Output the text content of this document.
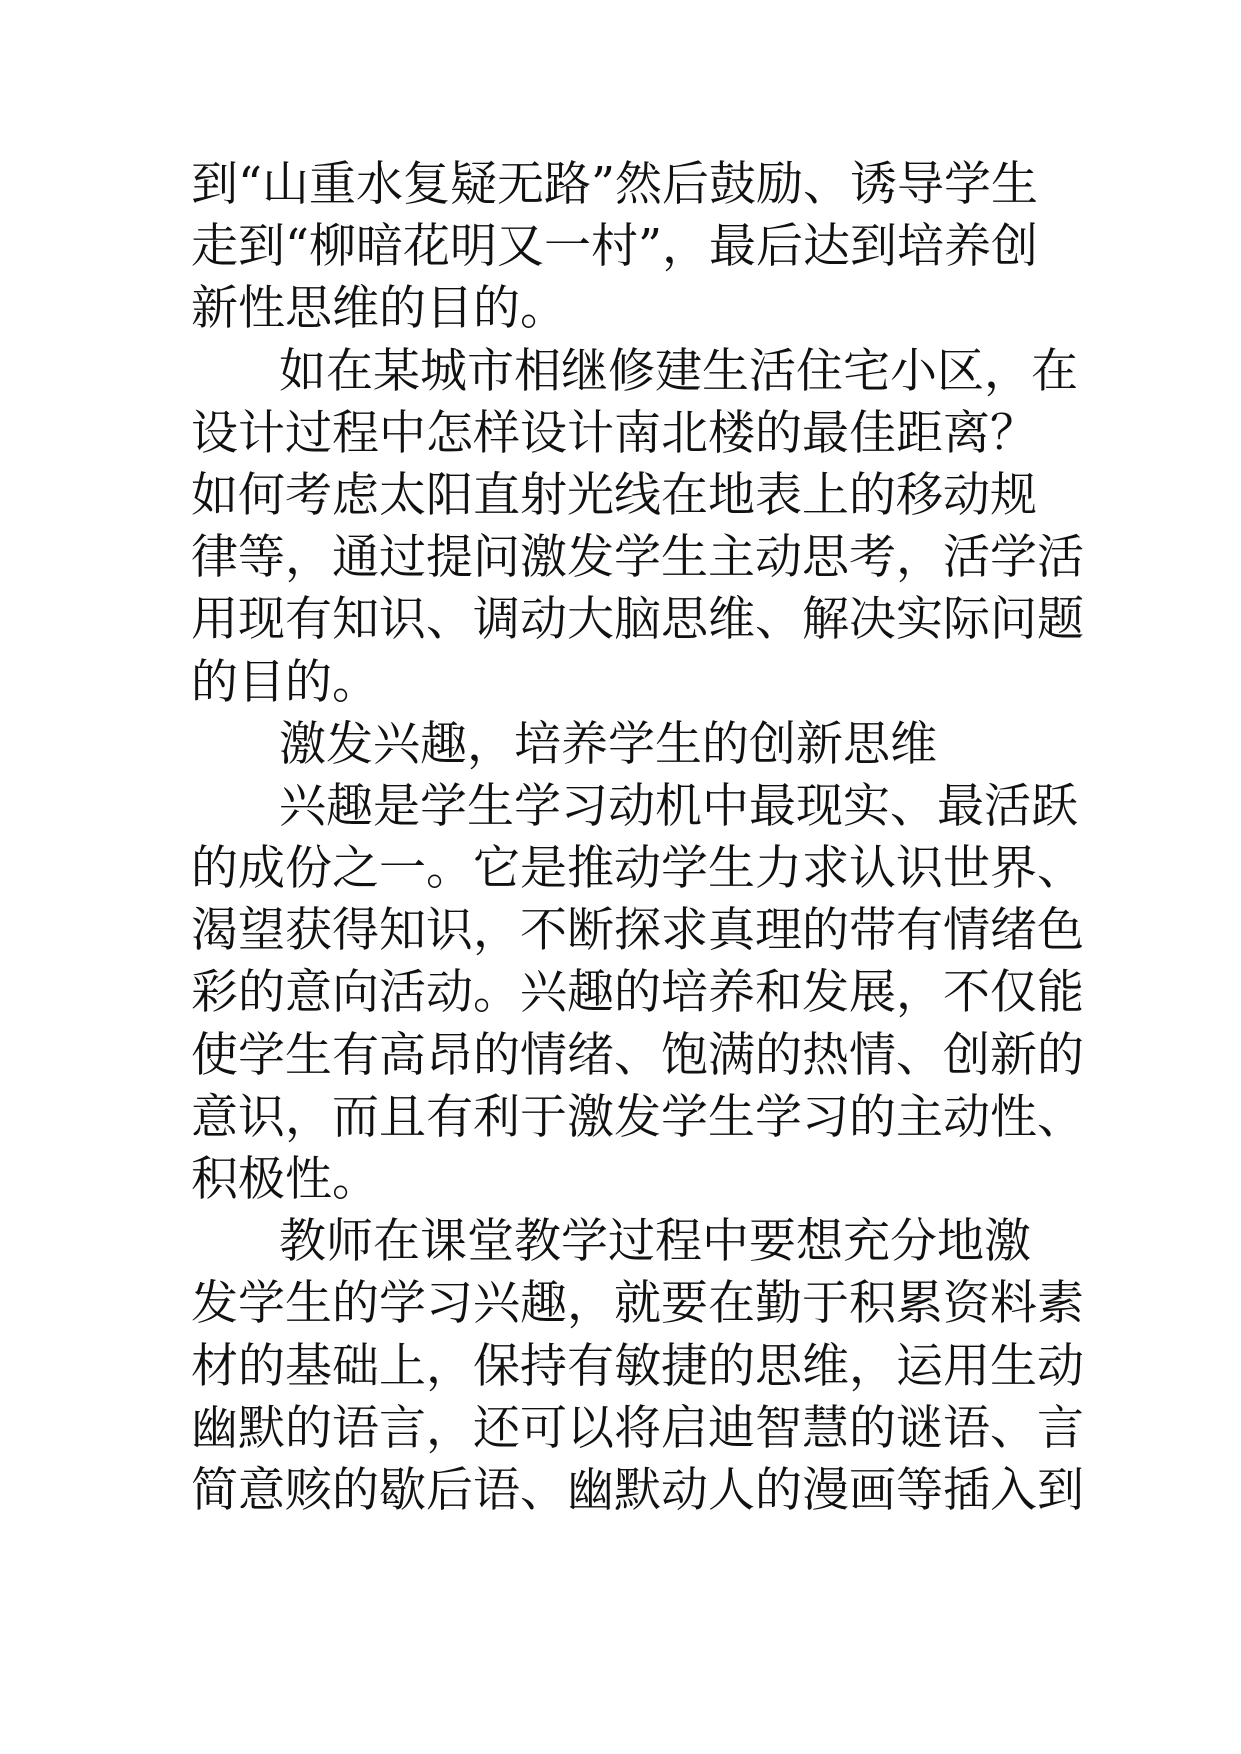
到“山重水复疑无路”然后鼓励、诱导学生
走到“柳暗花明又一村”，最后达到培养创
新性思维的目的。
如在某城市相继修建生活住宅小区，在
设计过程中怎样设计南北楼的最佳距离？
如何考虑太阳直射光线在地表上的移动规
律等，通过提问激发学生主动思考，活学活
用现有知识、调动大脑思维、解决实际问题
的目的。
激发兴趣，培养学生的创新思维
兴趣是学生学习动机中最现实、最活跃
的成份之一。它是推动学生力求认识世界、
渴望获得知识，不断探求真理的带有情绪色
彩的意向活动。兴趣的培养和发展，不仅能
使学生有高昂的情绪、饱满的热情、创新的
意识，而且有利于激发学生学习的主动性、
积极性。
教师在课堂教学过程中要想充分地激
发学生的学习兴趣，就要在勤于积累资料素
材的基础上，保持有敏捷的思维，运用生动
幽默的语言，还可以将启迪智慧的谜语、言
简意赅的歇后语、幽默动人的漫画等插入到
